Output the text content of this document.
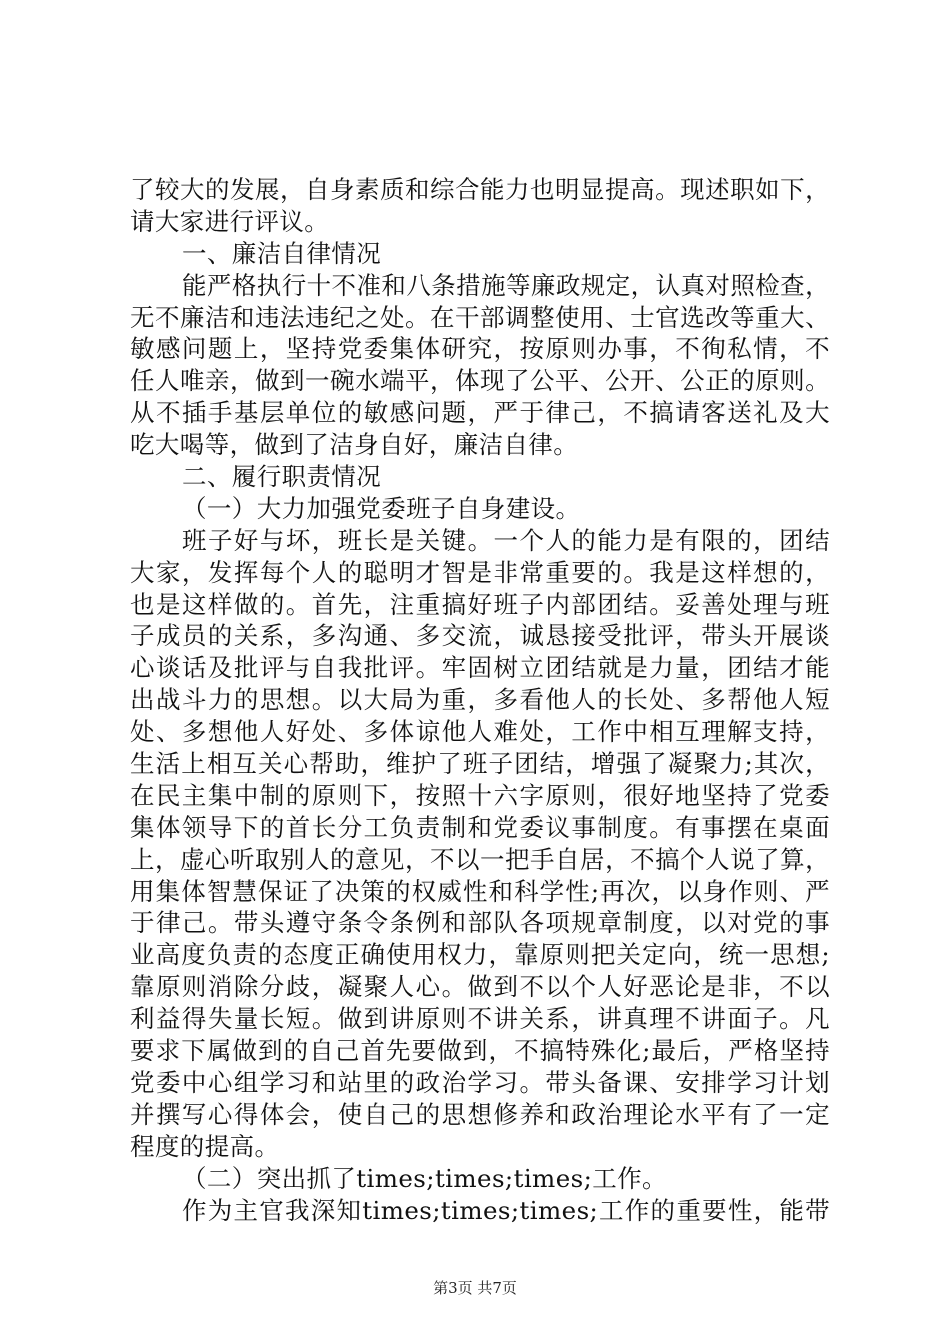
了较大的发展，自身素质和综合能力也明显提高。现述职如下，
请大家进行评议。
一、廉洁自律情况
能严格执行十不准和八条措施等廉政规定，认真对照检查，
无不廉洁和违法违纪之处。在干部调整使用、士官选改等重大、
敏感问题上，坚持党委集体研究，按原则办事，不徇私情，不
任人唯亲，做到一碗水端平，体现了公平、公开、公正的原则。
从不插手基层单位的敏感问题，严于律己，不搞请客送礼及大
吃大喝等，做到了洁身自好，廉洁自律。
二、履行职责情况
（一）大力加强党委班子自身建设。
班子好与坏，班长是关键。一个人的能力是有限的，团结
大家，发挥每个人的聪明才智是非常重要的。我是这样想的，
也是这样做的。首先，注重搞好班子内部团结。妥善处理与班
子成员的关系，多沟通、多交流，诚恳接受批评，带头开展谈
心谈话及批评与自我批评。牢固树立团结就是力量，团结才能
出战斗力的思想。以大局为重，多看他人的长处、多帮他人短
处、多想他人好处、多体谅他人难处，工作中相互理解支持，
生活上相互关心帮助，维护了班子团结，增强了凝聚力;其次，
在民主集中制的原则下，按照十六字原则，很好地坚持了党委
集体领导下的首长分工负责制和党委议事制度。有事摆在桌面
上，虚心听取别人的意见，不以一把手自居，不搞个人说了算，
用集体智慧保证了决策的权威性和科学性;再次，以身作则、严
于律己。带头遵守条令条例和部队各项规章制度，以对党的事
业高度负责的态度正确使用权力，靠原则把关定向，统一思想;
靠原则消除分歧，凝聚人心。做到不以个人好恶论是非，不以
利益得失量长短。做到讲原则不讲关系，讲真理不讲面子。凡
要求下属做到的自己首先要做到，不搞特殊化;最后，严格坚持
党委中心组学习和站里的政治学习。带头备课、安排学习计划
并撰写心得体会，使自己的思想修养和政治理论水平有了一定
程度的提高。
（二）突出抓了times;times;times;工作。
作为主官我深知times;times;times;工作的重要性，能带
第3页 共7页
